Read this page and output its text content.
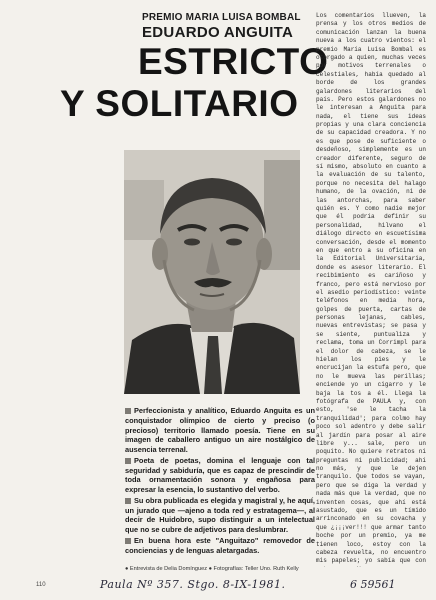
PREMIO MARIA LUISA BOMBAL
EDUARDO ANGUITA
ESTRICTO
Y SOLITARIO

Los comentarios llueven, la prensa y los otros medios de comunicación lanzan la buena nueva a los cuatro vientos: el premio María Luisa Bombal es otorgado a quien, muchas veces por motivos terrenales o celestiales, había quedado al borde de los grandes galardones literarios del país. Pero estos galardones no le interesan a Anguita para nada, el tiene sus ideas propias y una clara conciencia de su capacidad creadora. Y no es que pose de suficiente o desdeñoso, simplemente es un creador diferente, seguro de sí mismo, absoluto en cuanto a la evaluación de su talento, porque no necesita del halago humano, de la ovación, ni de las antorchas, para saber quién es. Y como nadie mejor que él podría definir su personalidad, hilvano el diálogo directo en escuetísima conversación, desde el momento en que entro a su oficina en la Editorial Universitaria, donde es asesor literario. El recibimiento es cariñoso y franco, pero está nervioso por el asedio periodístico: veinte teléfonos en media hora, golpes de puerta, cartas de personas lejanas, cables, nuevas entrevistas; se pasa y se siente, puntualiza y reclama, toma un Corrimpl para el dolor de cabeza, se le hielan los pies y le encrucijan la estufa pero, que no le mueva las perillas; enciende yo un cigarro y le baja la tos a él. Llega la fotógrafa de PAULA y, con esto, 'se le tacha la tranquilidad'; para colmo hay poco sol adentro y debe salir al jardín para posar al aire libre y... sale, pero un poquito. No quiere retratos ni preguntas ni publicidad; ahí no más, y que le dejen tranquilo. Que todos se vayan, pero que se diga la verdad y nada más que la verdad, que no inventen cosas, que ahí está asustado, que es un tímido arrinconado en su covacha y que ¿¡¡¡ver!!! que armar tanto boche por un premio, ya me tienen loco, estoy con la cabeza revuelta, no encuentro mis papeles; yo sabía que con

Perfeccionista y analítico, Eduardo Anguita es un conquistador olímpico de cierto y preciso (o precioso) territorio llamado poesía. Tiene en su imagen de caballero antiguo un aire nostálgico de ausencia terrenal.

Poeta de poetas, domina el lenguaje con tal seguridad y sabiduría, que es capaz de prescindir de toda ornamentación sonora y engañosa para expresar la esencia, lo sustantivo del verbo.

Su obra publicada es elegida y magistral y, he aquí, un jurado que —ajeno a toda red y estratagema—, al decir de Huidobro, supo distinguir a un intelectual que no se cubre de adjetivos para deslumbrar.

En buena hora este "Anguitazo" removedor de conciencias y de lenguas aletargadas.

● Entrevista de Delia Domínguez ● Fotografías: Teller Uno. Ruth Kelly
110	Paula Nº 357. Stgo. 8-IX-1981.	6 59561
